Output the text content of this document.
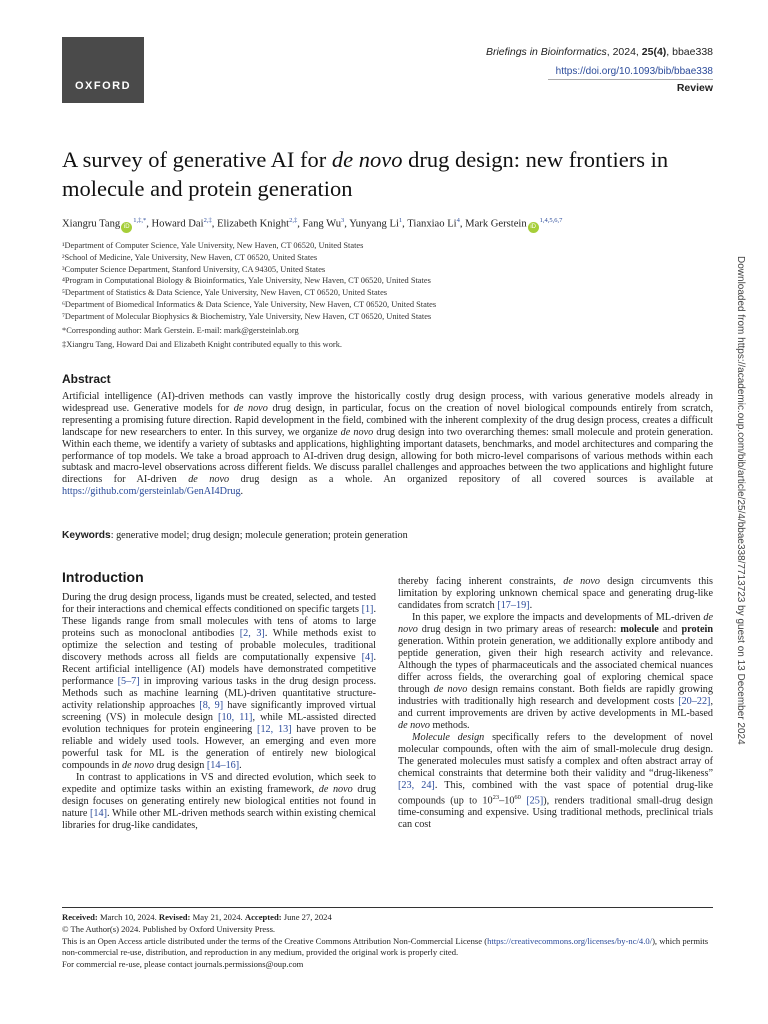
OXFORD
Briefings in Bioinformatics, 2024, 25(4), bbae338
https://doi.org/10.1093/bib/bbae338
Review
A survey of generative AI for de novo drug design: new frontiers in molecule and protein generation
Xiangru Tang $iD^{1,\ddagger,*}$, Howard Dai$^{2,\ddagger}$, Elizabeth Knight$^{2,\ddagger}$, Fang Wu$^3$, Yunyang Li$^1$, Tianxiao Li$^4$, Mark Gerstein iD$^{1,4,5,6,7}$
¹Department of Computer Science, Yale University, New Haven, CT 06520, United States
²School of Medicine, Yale University, New Haven, CT 06520, United States
³Computer Science Department, Stanford University, CA 94305, United States
⁴Program in Computational Biology & Bioinformatics, Yale University, New Haven, CT 06520, United States
⁵Department of Statistics & Data Science, Yale University, New Haven, CT 06520, United States
⁶Department of Biomedical Informatics & Data Science, Yale University, New Haven, CT 06520, United States
⁷Department of Molecular Biophysics & Biochemistry, Yale University, New Haven, CT 06520, United States
*Corresponding author: Mark Gerstein. E-mail: mark@gersteinlab.org
‡Xiangru Tang, Howard Dai and Elizabeth Knight contributed equally to this work.	Downloaded from https://academic.oup.com/bib/article/25/4/bbae338/7713723 by guest on 13 December 2024
Abstract
Artificial intelligence (AI)-driven methods can vastly improve the historically costly drug design process, with various generative models already in widespread use. Generative models for de novo drug design, in particular, focus on the creation of novel biological compounds entirely from scratch, representing a promising future direction. Rapid development in the field, combined with the inherent complexity of the drug design process, creates a difficult landscape for new researchers to enter. In this survey, we organize de novo drug design into two overarching themes: small molecule and protein generation. Within each theme, we identify a variety of subtasks and applications, highlighting important datasets, benchmarks, and model architectures and comparing the performance of top models. We take a broad approach to AI-driven drug design, allowing for both micro-level comparisons of various methods within each subtask and macro-level observations across different fields. We discuss parallel challenges and approaches between the two applications and highlight future directions for AI-driven de novo drug design as a whole. An organized repository of all covered sources is available at https://github.com/gersteinlab/GenAI4Drug.
Keywords: generative model; drug design; molecule generation; protein generation
Introduction

During the drug design process, ligands must be created, selected, and tested for their interactions and chemical effects conditioned on specific targets [1]. These ligands range from small molecules with tens of atoms to large proteins such as monoclonal antibodies [2, 3]. While methods exist to optimize the selection and testing of probable molecules, traditional discovery methods across all fields are computationally expensive [4]. Recent artificial intelligence (AI) models have demonstrated competitive performance [5–7] in improving various tasks in the drug design process. Methods such as machine learning (ML)-driven quantitative structure-activity relationship approaches [8, 9] have significantly improved virtual screening (VS) in molecule design [10, 11], while ML-assisted directed evolution techniques for protein engineering [12, 13] have proven to be reliable and widely used tools. However, an emerging and even more powerful task for ML is the generation of entirely new biological compounds in de novo drug design [14–16].

In contrast to applications in VS and directed evolution, which seek to expedite and optimize tasks within an existing framework, de novo drug design focuses on generating entirely new biological entities not found in nature [14]. While other ML-driven methods search within existing chemical libraries for drug-like candidates,

thereby facing inherent constraints, de novo design circumvents this limitation by exploring unknown chemical space and generating drug-like candidates from scratch [17–19].

In this paper, we explore the impacts and developments of ML-driven de novo drug design in two primary areas of research: molecule and protein generation. Within protein generation, we additionally explore antibody and peptide generation, given their high research activity and relevance. Although the types of pharmaceuticals and the associated chemical nuances differ across fields, the overarching goal of exploring chemical space through de novo design remains constant. Both fields are rapidly growing industries with traditionally high research and development costs [20–22], and current improvements are driven by active developments in ML-based de novo methods.

Molecule design specifically refers to the development of novel molecular compounds, often with the aim of small-molecule drug design. The generated molecules must satisfy a complex and often abstract array of chemical constraints that determine both their validity and “drug-likeness” [23, 24]. This, combined with the vast space of potential drug-like compounds (up to $10^{23}-10^{60}$ [25]), renders traditional small-drug design time-consuming and expensive. Using traditional methods, preclinical trials can cost

Received: March 10, 2024. Revised: May 21, 2024. Accepted: June 27, 2024
© The Author(s) 2024. Published by Oxford University Press.
This is an Open Access article distributed under the terms of the Creative Commons Attribution Non-Commercial License (https://creativecommons.org/licenses/by-nc/4.0/), which permits non-commercial re-use, distribution, and reproduction in any medium, provided the original work is properly cited.
For commercial re-use, please contact journals.permissions@oup.com
